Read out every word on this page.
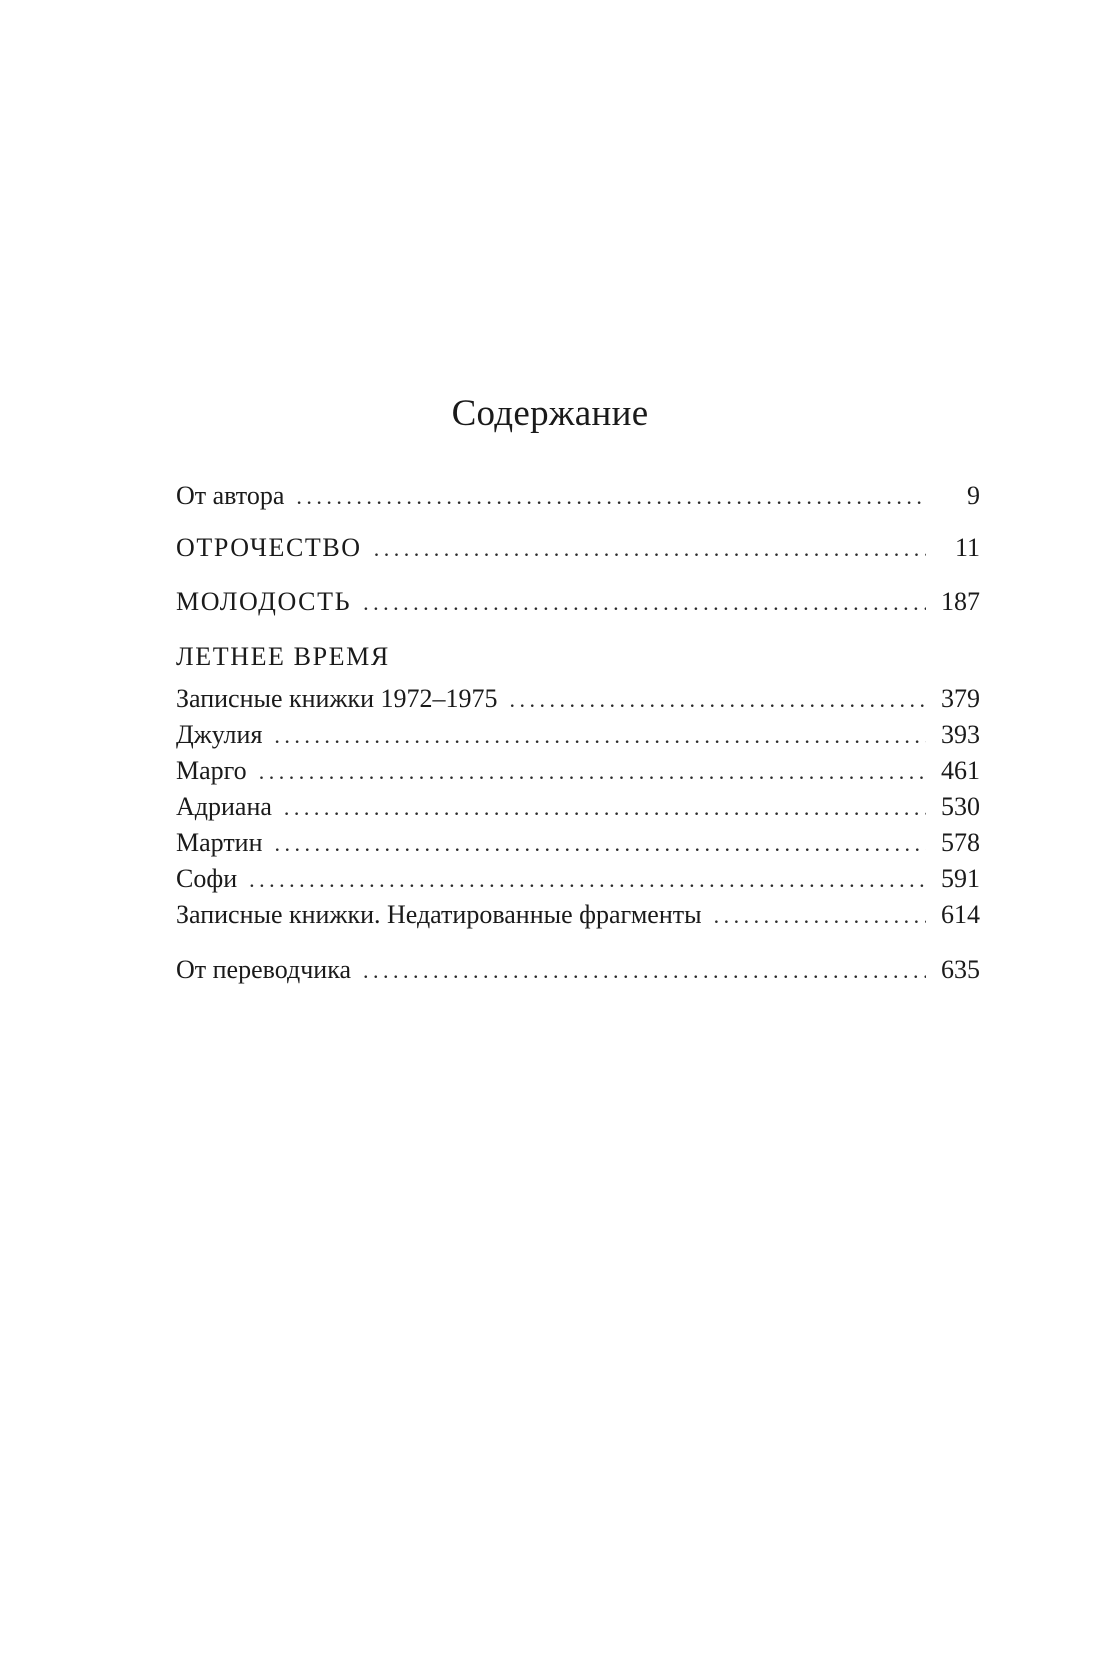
Содержание
От автора . . .	9
ОТРОЧЕСТВО . . .	11
МОЛОДОСТЬ . . .	187
ЛЕТНЕЕ ВРЕМЯ
Записные книжки 1972–1975 . . .	379
Джулия . . .	393
Марго . . .	461
Адриана . . .	530
Мартин . . .	578
Софи . . .	591
Записные книжки. Недатированные фрагменты . . .	614
От переводчика . . .	635
